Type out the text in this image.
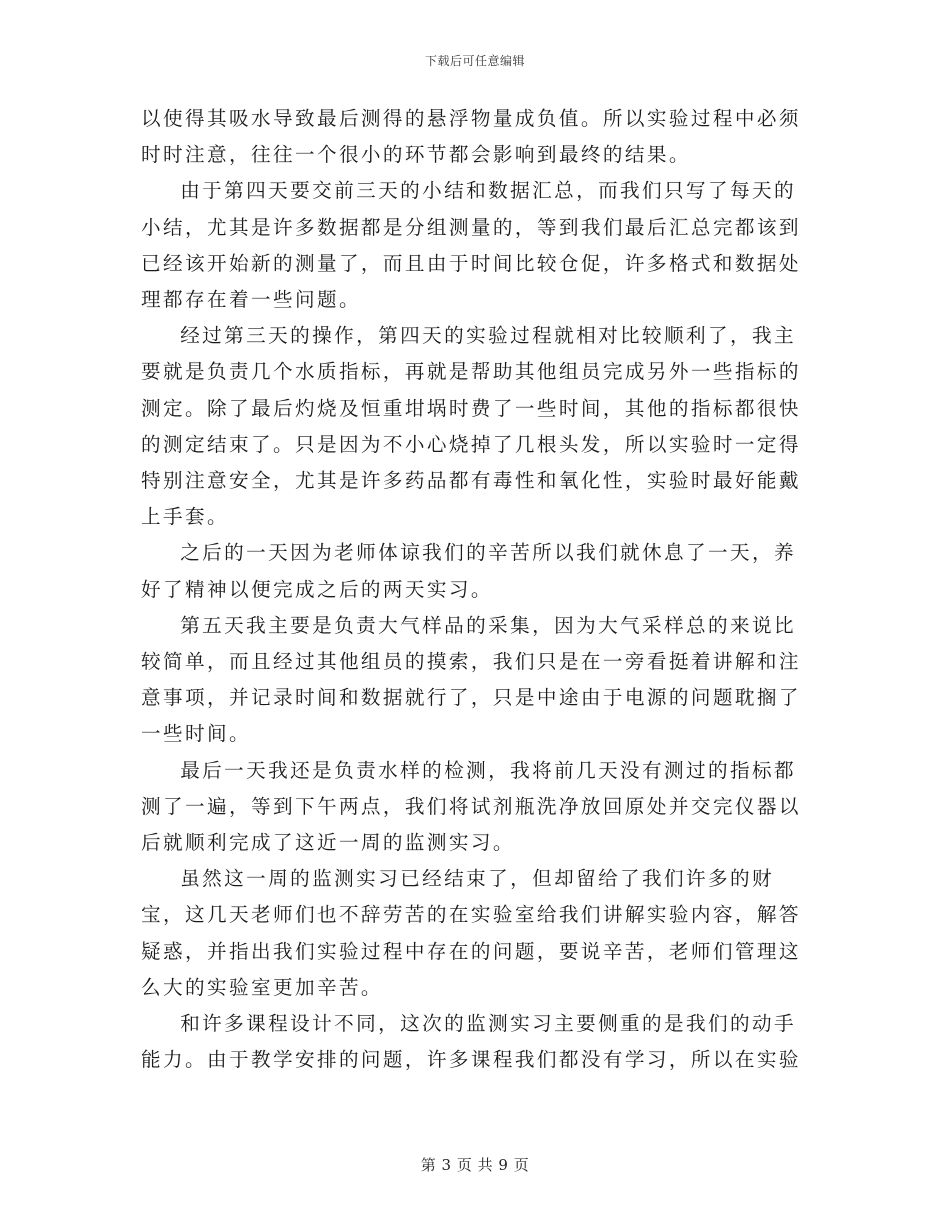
下载后可任意编辑

以使得其吸水导致最后测得的悬浮物量成负值。所以实验过程中必须时时注意，往往一个很小的环节都会影响到最终的结果。

由于第四天要交前三天的小结和数据汇总，而我们只写了每天的小结，尤其是许多数据都是分组测量的，等到我们最后汇总完都该到已经该开始新的测量了，而且由于时间比较仓促，许多格式和数据处理都存在着一些问题。

经过第三天的操作，第四天的实验过程就相对比较顺利了，我主要就是负责几个水质指标，再就是帮助其他组员完成另外一些指标的测定。除了最后灼烧及恒重坩埚时费了一些时间，其他的指标都很快的测定结束了。只是因为不小心烧掉了几根头发，所以实验时一定得特别注意安全，尤其是许多药品都有毒性和氧化性，实验时最好能戴上手套。

之后的一天因为老师体谅我们的辛苦所以我们就休息了一天，养好了精神以便完成之后的两天实习。

第五天我主要是负责大气样品的采集，因为大气采样总的来说比较简单，而且经过其他组员的摸索，我们只是在一旁看挺着讲解和注意事项，并记录时间和数据就行了，只是中途由于电源的问题耽搁了一些时间。

最后一天我还是负责水样的检测，我将前几天没有测过的指标都测了一遍，等到下午两点，我们将试剂瓶洗净放回原处并交完仪器以后就顺利完成了这近一周的监测实习。

虽然这一周的监测实习已经结束了，但却留给了我们许多的财宝，这几天老师们也不辞劳苦的在实验室给我们讲解实验内容，解答疑惑，并指出我们实验过程中存在的问题，要说辛苦，老师们管理这么大的实验室更加辛苦。

和许多课程设计不同，这次的监测实习主要侧重的是我们的动手能力。由于教学安排的问题，许多课程我们都没有学习，所以在实验

第 3 页 共 9 页
